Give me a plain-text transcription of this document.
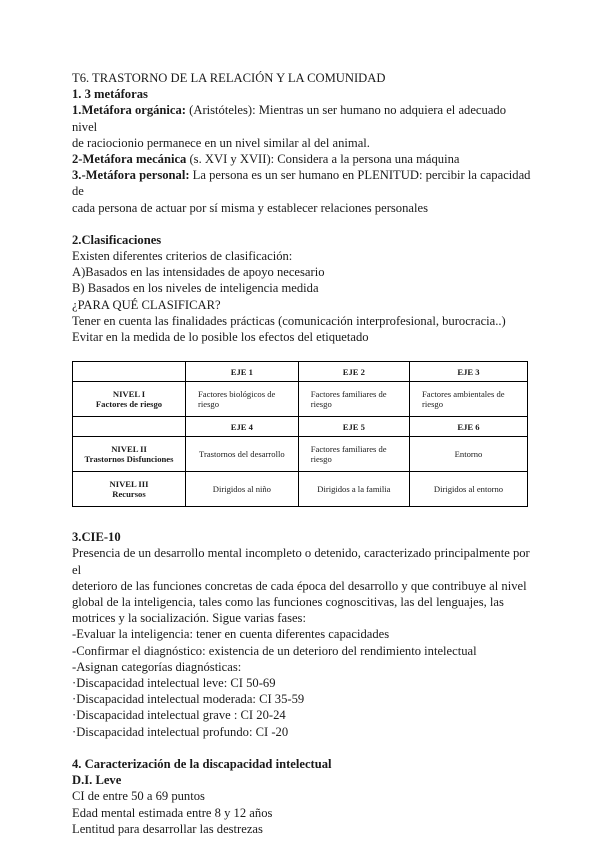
T6. TRASTORNO DE LA RELACIÓN Y LA COMUNIDAD

1. 3 metáforas

1.Metáfora orgánica: (Aristóteles): Mientras un ser humano no adquiera el adecuado nivel

de raciocionio permanece en un nivel similar al del animal.

2-Metáfora mecánica (s. XVI y XVII): Considera a la persona una máquina

3.-Metáfora personal: La persona es un ser humano en PLENITUD: percibir la capacidad de

cada persona de actuar por sí misma y establecer relaciones personales

2.Clasificaciones

Existen diferentes criterios de clasificación:

A)Basados en las intensidades de apoyo necesario

B) Basados en los niveles de inteligencia medida

¿PARA QUÉ CLASIFICAR?

Tener en cuenta las finalidades prácticas (comunicación interprofesional, burocracia..)

Evitar en la medida de lo posible los efectos del etiquetado

	EJE 1	EJE 2	EJE 3

NIVEL I
Factores de riesgo	Factores biológicos de riesgo	Factores familiares de riesgo	Factores ambientales de riesgo
	EJE 4	EJE 5	EJE 6

NIVEL II
Trastornos Disfunciones	Trastornos del desarrollo	Factores familiares de riesgo	Entorno

NIVEL III
Recursos	Dirigidos al niño	Dirigidos a la familia	Dirigidos al entorno

3.CIE-10

Presencia de un desarrollo mental incompleto o detenido, caracterizado principalmente por el

deterioro de las funciones concretas de cada época del desarrollo y que contribuye al nivel

global de la inteligencia, tales como las funciones cognoscitivas, las del lenguajes, las

motrices y la socialización. Sigue varias fases:

-Evaluar la inteligencia: tener en cuenta diferentes capacidades

-Confirmar el diagnóstico: existencia de un deterioro del rendimiento intelectual

-Asignan categorías diagnósticas:

·Discapacidad intelectual leve: CI 50-69

·Discapacidad intelectual moderada: CI 35-59

·Discapacidad intelectual grave : CI 20-24

·Discapacidad intelectual profundo: CI -20

4. Caracterización de la discapacidad intelectual

D.I. Leve

CI de entre 50 a 69 puntos

Edad mental estimada entre 8 y 12 años

Lentitud para desarrollar las destrezas
